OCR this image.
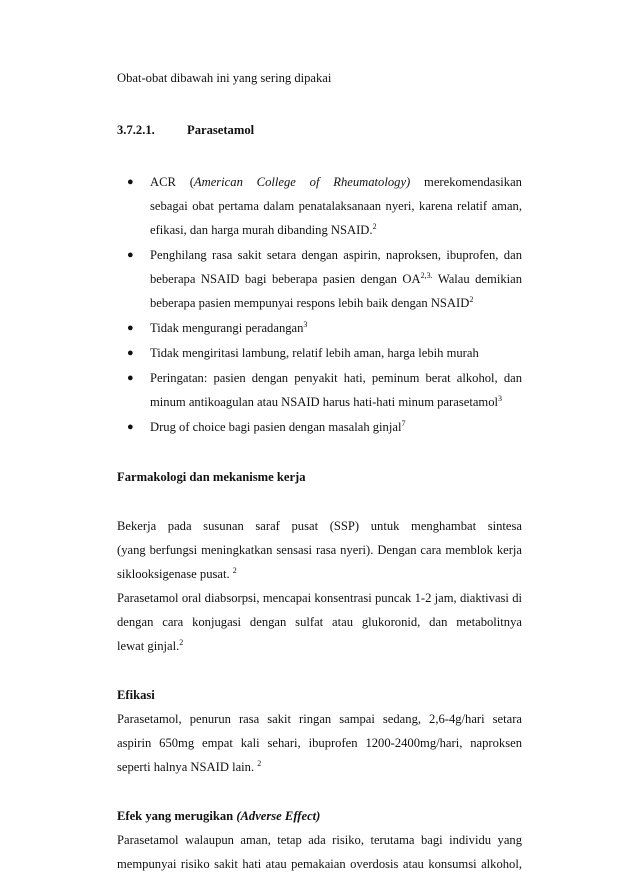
Obat-obat dibawah ini yang sering dipakai
3.7.2.1.	Parasetamol
● ACR (American College of Rheumatology) merekomendasikan
sebagai obat pertama dalam penatalaksanaan nyeri, karena relatif aman,
efikasi, dan harga murah dibanding NSAID.$^2$
● Penghilang rasa sakit setara dengan aspirin, naproksen, ibuprofen, dan
beberapa NSAID bagi beberapa pasien dengan $OA^{2,3.}$ Walau demikian
beberapa pasien mempunyai respons lebih baik dengan NSAID$^2$
● Tidak mengurangi peradangan$^3$
● Tidak mengiritasi lambung, relatif lebih aman, harga lebih murah
● Peringatan: pasien dengan penyakit hati, peminum berat alkohol, dan
minum antikoagulan atau NSAID harus hati-hati minum parasetamol$^3$
● Drug of choice bagi pasien dengan masalah ginjal$^7$
Farmakologi dan mekanisme kerja
Bekerja pada susunan saraf pusat (SSP) untuk menghambat sintesa
(yang berfungsi meningkatkan sensasi rasa nyeri). Dengan cara memblok kerja
siklooksigenase pusat. $^2$
Parasetamol oral diabsorpsi, mencapai konsentrasi puncak 1-2 jam, diaktivasi di
dengan cara konjugasi dengan sulfat atau glukoronid, dan metabolitnya
lewat ginjal.$^2$
Efikasi
Parasetamol, penurun rasa sakit ringan sampai sedang, 2,6-4g/hari setara
aspirin 650mg empat kali sehari, ibuprofen 1200-2400mg/hari, naproksen
seperti halnya NSAID lain. $^2$
Efek yang merugikan (Adverse Effect)
Parasetamol walaupun aman, tetap ada risiko, terutama bagi individu yang
mempunyai risiko sakit hati atau pemakaian overdosis atau konsumsi alkohol,
